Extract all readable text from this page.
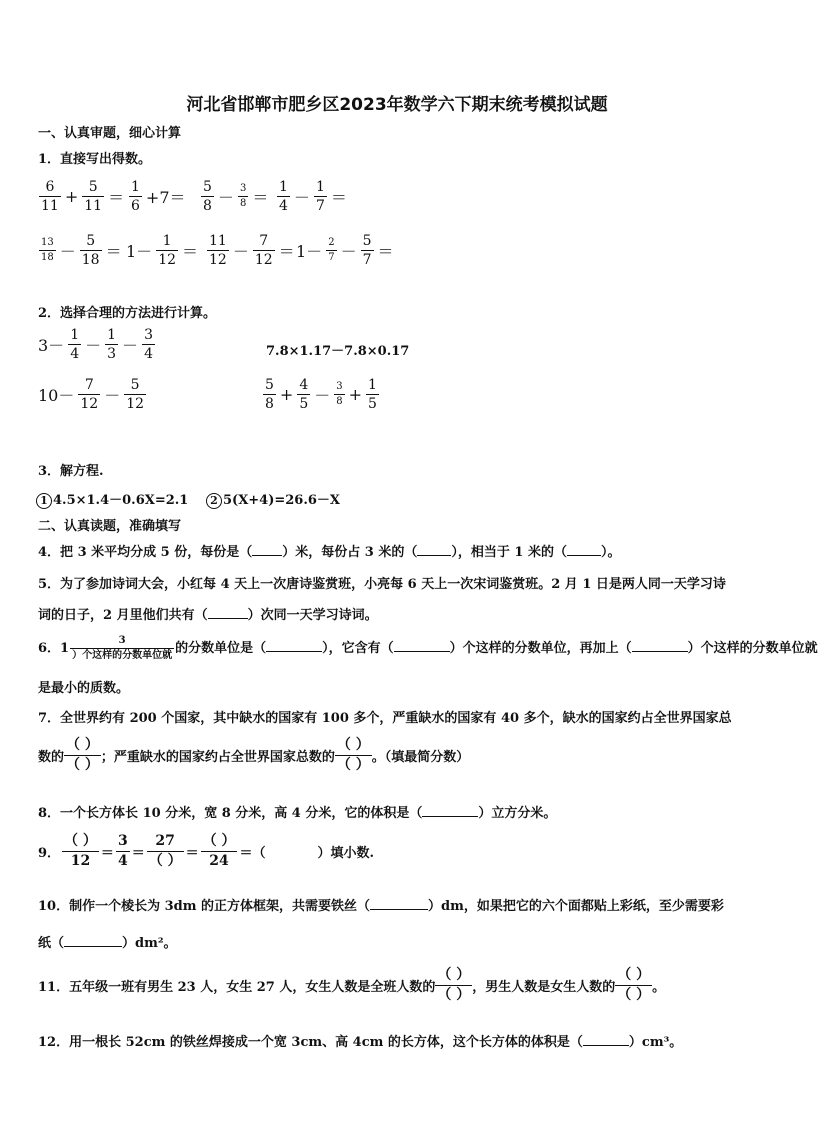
河北省邯郸市肥乡区2023年数学六下期末统考模拟试题
一、认真审题，细心计算
1．直接写出得数。
$\frac{6}{11} + \frac{5}{11} = \frac{1}{6} +7= \frac{5}{8} - \frac{3}{8} = \frac{1}{4} - \frac{1}{7}$ ＝
$\frac{13}{18} - \frac{5}{18} = 1- \frac{1}{12} = \frac{11}{12} - \frac{7}{12} = 1- \frac{2}{7} - \frac{5}{7}$ ＝
2．选择合理的方法进行计算。
$3- \frac{1}{4} - \frac{1}{3} - \frac{3}{4}$	7.8×1.17－7.8×0.17
$10- \frac{7}{12} - \frac{5}{12}$	$\frac{5}{8} + \frac{4}{5} - \frac{3}{8} + \frac{1}{5}$
3．解方程.
1 4.5×1.4－0.6X=2.1	2 5(X+4)=26.6－X
二、认真读题，准确填写
4．把 3 米平均分成 5 份，每份是（ ）米，每份占 3 米的（	），相当于 1 米的（	）。
5．为了参加诗词大会，小红每 4 天上一次唐诗鉴赏班，小亮每 6 天上一次宋词鉴赏班。2 月 1 日是两人同一天学习诗
词的日子，2 月里他们共有（	）次同一天学习诗词。
6．$1 \frac{3}{\text{）个这样的分数单位就}}$ 的分数单位是（	），它含有（	）个这样的分数单位，再加上（	）个这样的分数单位就
是最小的质数。
7．全世界约有 200 个国家，其中缺水的国家有 100 多个，严重缺水的国家有 40 多个，缺水的国家约占全世界国家总
数的
（ ）
（ ） ；严重缺水的国家约占全世界国家总数的
（ ）
（ ） 。（填最简分数）
8．一个长方体长 10 分米，宽 8 分米，高 4 分米，它的体积是（	）立方分米。
9．
（ ）
12 ＝
3
4 ＝
27
（ ） ＝
（ ）
24 ＝（　　　　）填小数.
10．制作一个棱长为 3dm 的正方体框架，共需要铁丝（	）dm，如果把它的六个面都贴上彩纸，至少需要彩
纸（	）dm²。
11．五年级一班有男生 23 人，女生 27 人，女生人数是全班人数的
（ ）
（ ） ，男生人数是女生人数的
（ ）
（ ） 。
12．用一根长 52cm 的铁丝焊接成一个宽 3cm、高 4cm 的长方体，这个长方体的体积是（	）cm³。
